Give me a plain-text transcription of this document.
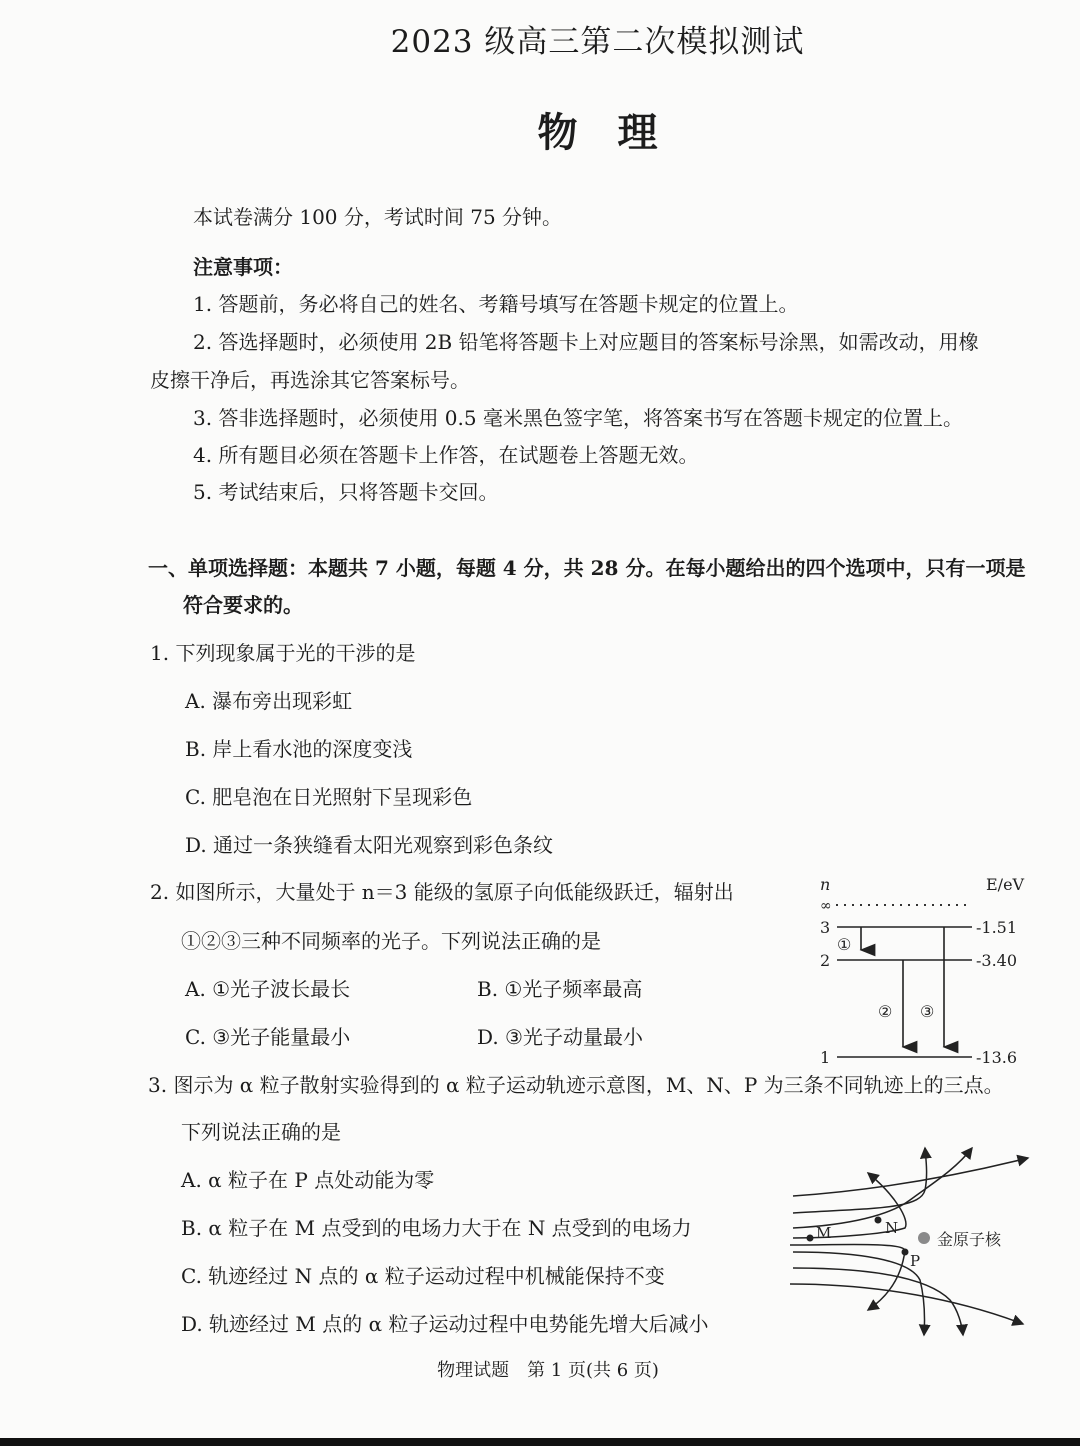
2023 级高三第二次模拟测试
物　理
本试卷满分 100 分，考试时间 75 分钟。
注意事项：
1. 答题前，务必将自己的姓名、考籍号填写在答题卡规定的位置上。
2. 答选择题时，必须使用 2B 铅笔将答题卡上对应题目的答案标号涂黑，如需改动，用橡
皮擦干净后，再选涂其它答案标号。
3. 答非选择题时，必须使用 0.5 毫米黑色签字笔，将答案书写在答题卡规定的位置上。
4. 所有题目必须在答题卡上作答，在试题卷上答题无效。
5. 考试结束后，只将答题卡交回。
一、单项选择题：本题共 7 小题，每题 4 分，共 28 分。在每小题给出的四个选项中，只有一项是
符合要求的。
1. 下列现象属于光的干涉的是
A. 瀑布旁出现彩虹
B. 岸上看水池的深度变浅
C. 肥皂泡在日光照射下呈现彩色
D. 通过一条狭缝看太阳光观察到彩色条纹
2. 如图所示，大量处于 n＝3 能级的氢原子向低能级跃迁，辐射出
①②③三种不同频率的光子。下列说法正确的是
A. ①光子波长最长	B. ①光子频率最高
C. ③光子能量最小	D. ③光子动量最小
n	E/eV
∞
3
2
1
-1.51
-3.40
-13.6
①
② ③
3. 图示为 α 粒子散射实验得到的 α 粒子运动轨迹示意图，M、N、P 为三条不同轨迹上的三点。
下列说法正确的是
A. α 粒子在 P 点处动能为零
B. α 粒子在 M 点受到的电场力大于在 N 点受到的电场力
C. 轨迹经过 N 点的 α 粒子运动过程中机械能保持不变
D. 轨迹经过 M 点的 α 粒子运动过程中电势能先增大后减小
M	N
P
金原子核
物理试题　第 1 页(共 6 页)
